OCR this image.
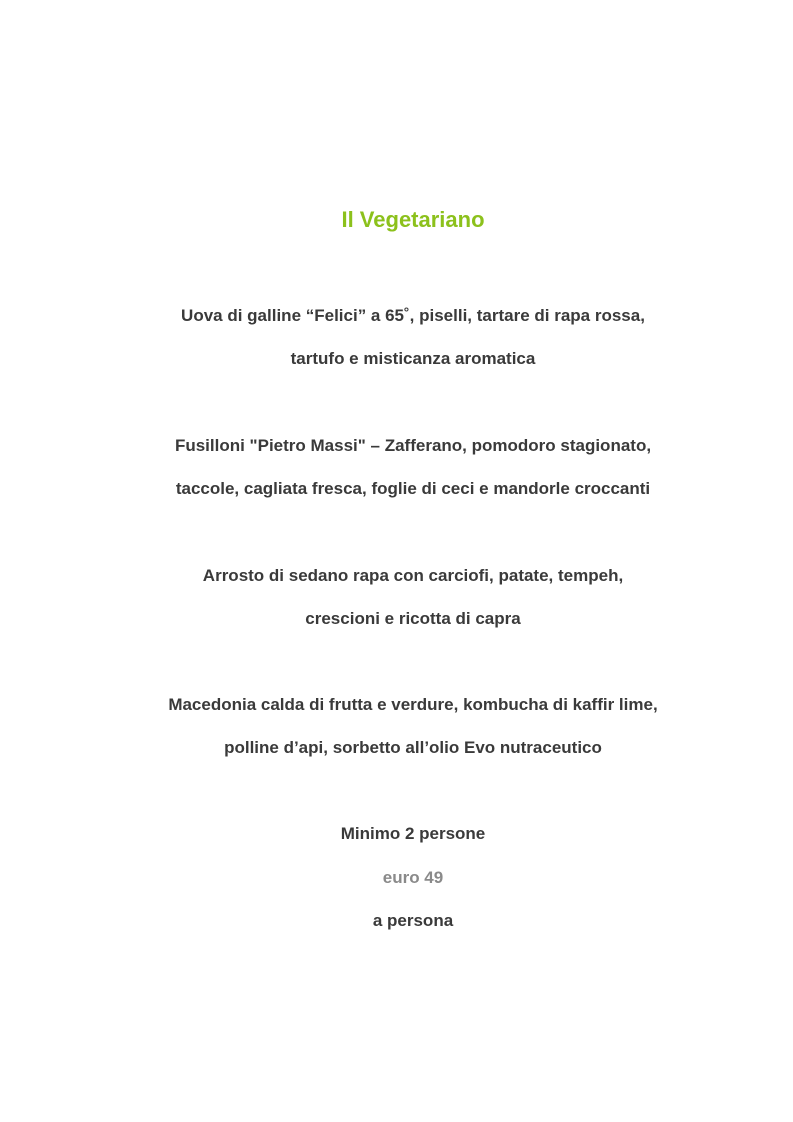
Il Vegetariano
Uova di galline “Felici” a 65˚, piselli, tartare di rapa rossa,
tartufo e misticanza aromatica
Fusilloni "Pietro Massi" – Zafferano, pomodoro stagionato,
taccole, cagliata fresca, foglie di ceci e mandorle croccanti
Arrosto di sedano rapa con carciofi, patate, tempeh,
crescioni e ricotta di capra
Macedonia calda di frutta e verdure, kombucha di kaffir lime,
polline d’api, sorbetto all’olio Evo nutraceutico
Minimo 2 persone
euro 49
a persona
